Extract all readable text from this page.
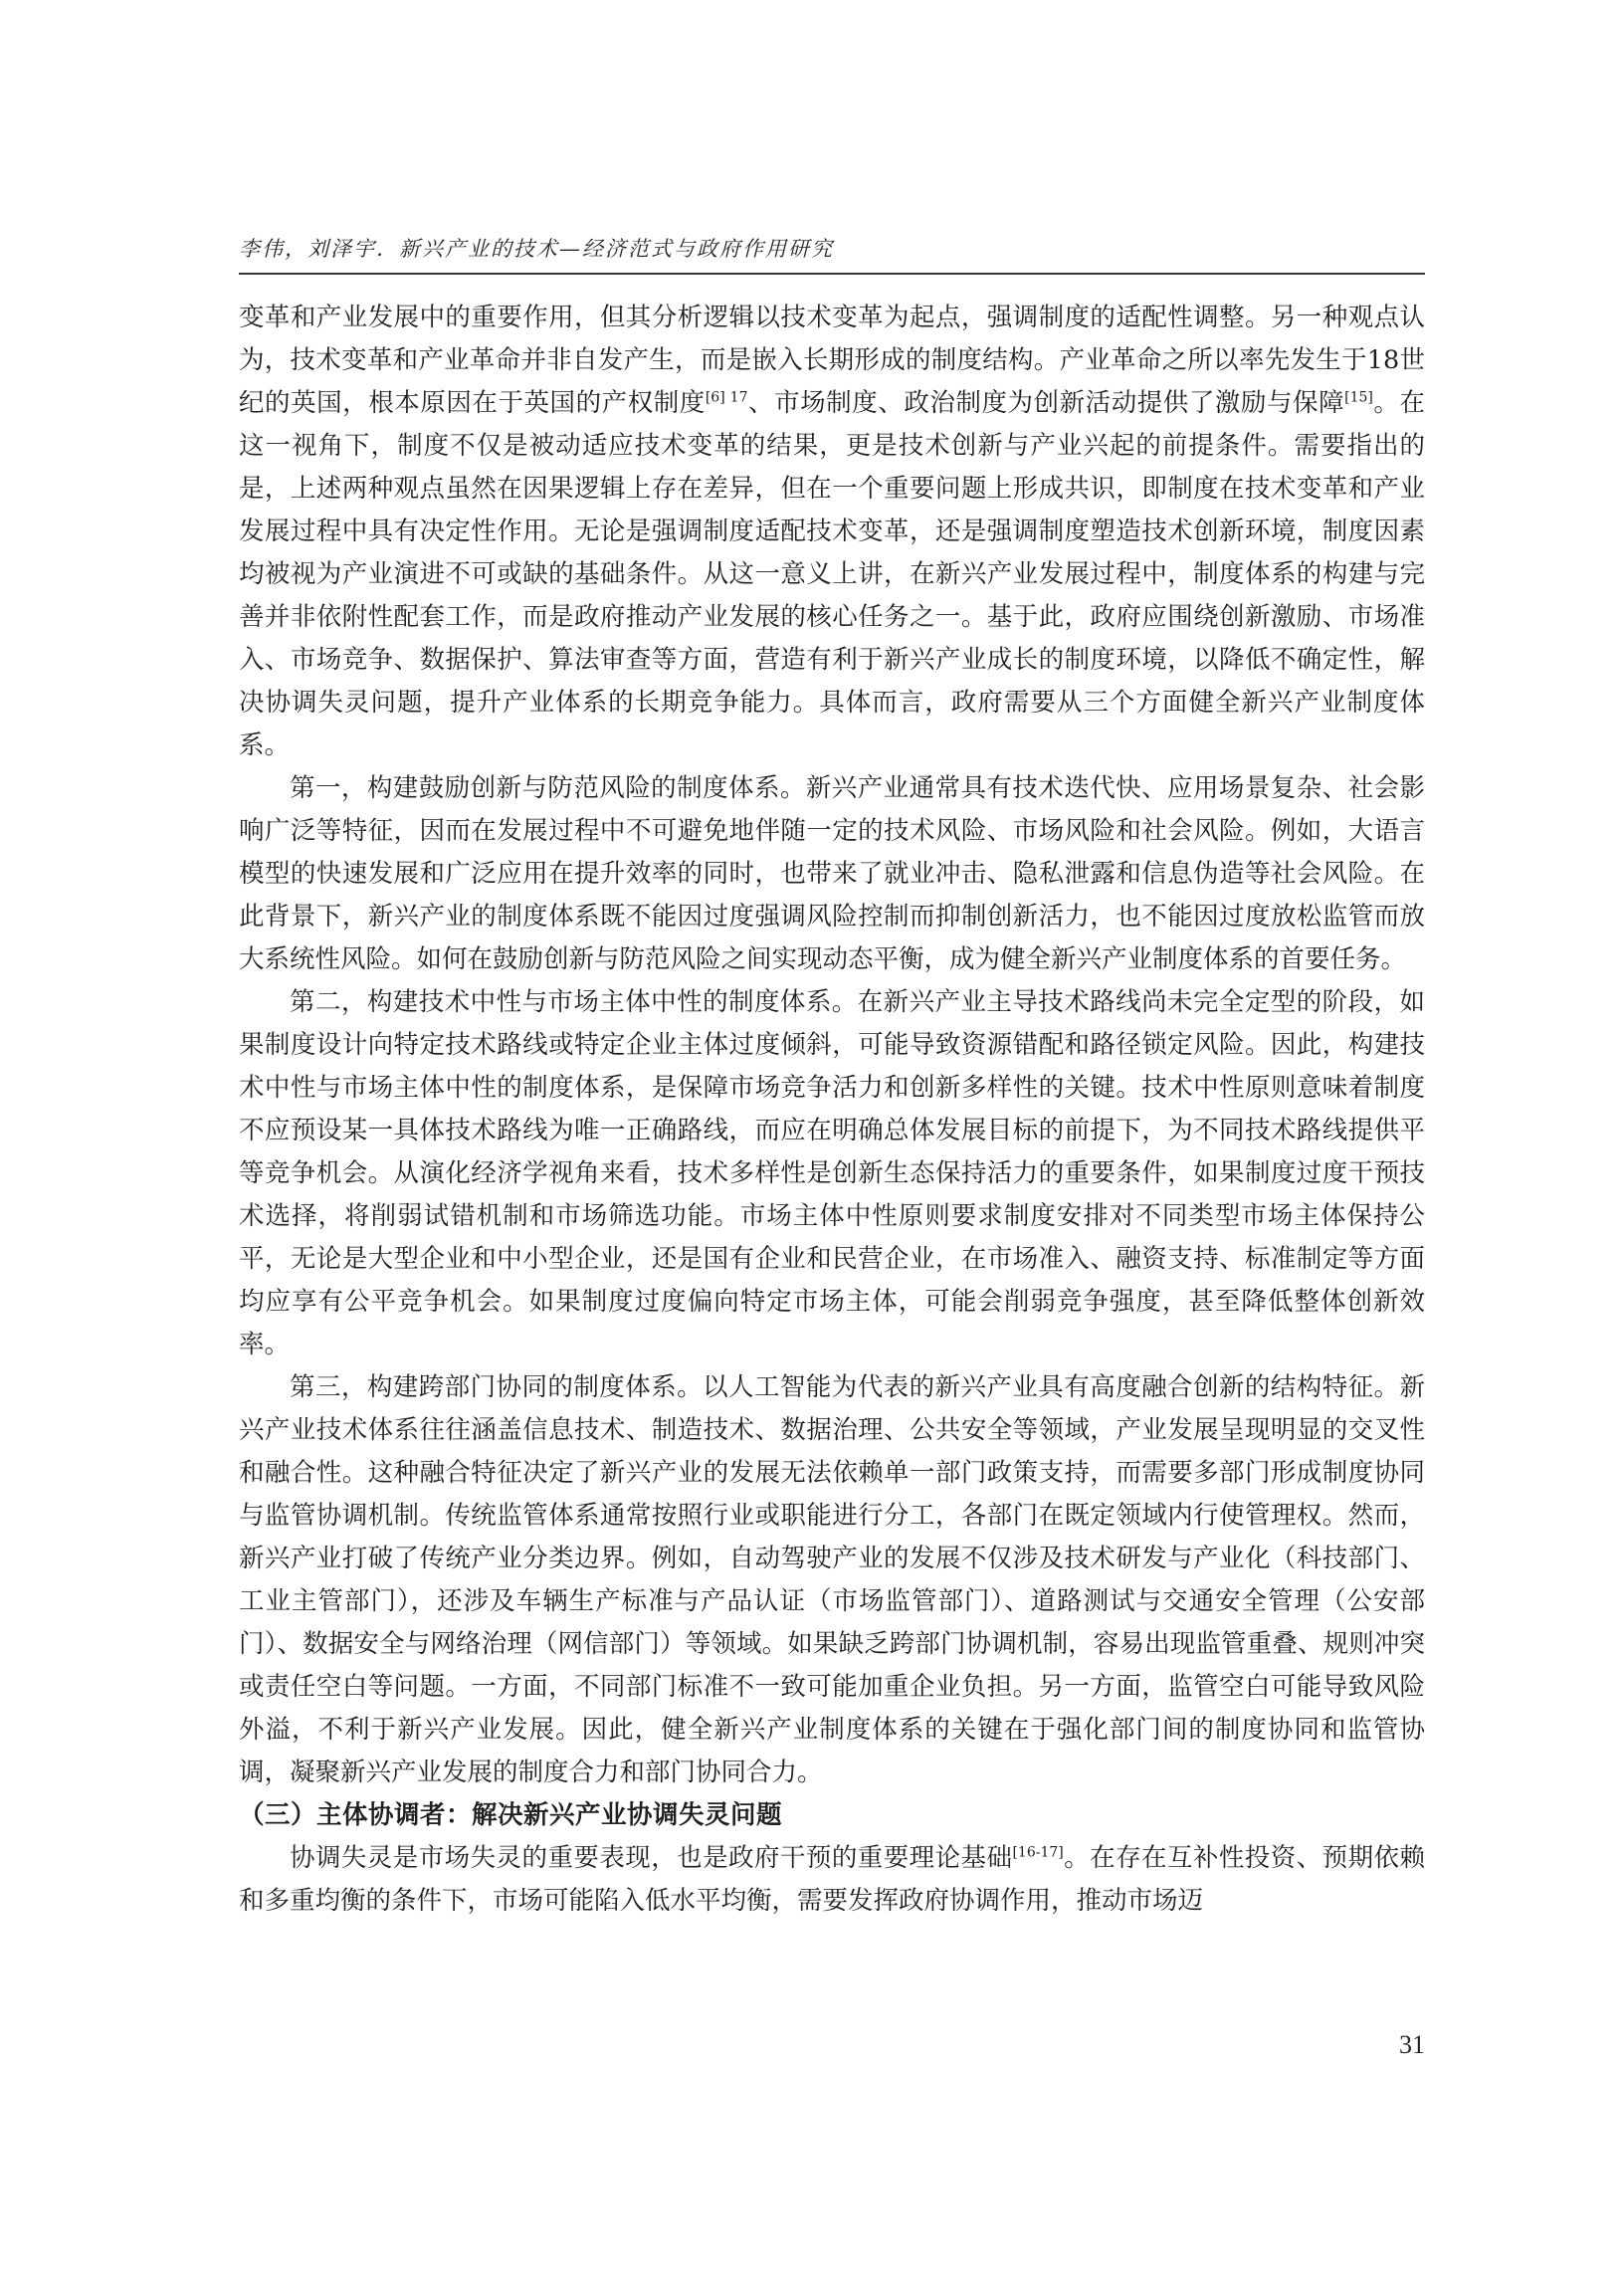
李伟，刘泽宇．新兴产业的技术—经济范式与政府作用研究

变革和产业发展中的重要作用，但其分析逻辑以技术变革为起点，强调制度的适配性调整。另一种观点认为，技术变革和产业革命并非自发产生，而是嵌入长期形成的制度结构。产业革命之所以率先发生于18世纪的英国，根本原因在于英国的产权制度$^{[6] 17}$、市场制度、政治制度为创新活动提供了激励与保障[15]。在这一视角下，制度不仅是被动适应技术变革的结果，更是技术创新与产业兴起的前提条件。需要指出的是，上述两种观点虽然在因果逻辑上存在差异，但在一个重要问题上形成共识，即制度在技术变革和产业发展过程中具有决定性作用。无论是强调制度适配技术变革，还是强调制度塑造技术创新环境，制度因素均被视为产业演进不可或缺的基础条件。从这一意义上讲，在新兴产业发展过程中，制度体系的构建与完善并非依附性配套工作，而是政府推动产业发展的核心任务之一。基于此，政府应围绕创新激励、市场准入、市场竞争、数据保护、算法审查等方面，营造有利于新兴产业成长的制度环境，以降低不确定性，解决协调失灵问题，提升产业体系的长期竞争能力。具体而言，政府需要从三个方面健全新兴产业制度体系。

第一，构建鼓励创新与防范风险的制度体系。新兴产业通常具有技术迭代快、应用场景复杂、社会影响广泛等特征，因而在发展过程中不可避免地伴随一定的技术风险、市场风险和社会风险。例如，大语言模型的快速发展和广泛应用在提升效率的同时，也带来了就业冲击、隐私泄露和信息伪造等社会风险。在此背景下，新兴产业的制度体系既不能因过度强调风险控制而抑制创新活力，也不能因过度放松监管而放大系统性风险。如何在鼓励创新与防范风险之间实现动态平衡，成为健全新兴产业制度体系的首要任务。

第二，构建技术中性与市场主体中性的制度体系。在新兴产业主导技术路线尚未完全定型的阶段，如果制度设计向特定技术路线或特定企业主体过度倾斜，可能导致资源错配和路径锁定风险。因此，构建技术中性与市场主体中性的制度体系，是保障市场竞争活力和创新多样性的关键。技术中性原则意味着制度不应预设某一具体技术路线为唯一正确路线，而应在明确总体发展目标的前提下，为不同技术路线提供平等竞争机会。从演化经济学视角来看，技术多样性是创新生态保持活力的重要条件，如果制度过度干预技术选择，将削弱试错机制和市场筛选功能。市场主体中性原则要求制度安排对不同类型市场主体保持公平，无论是大型企业和中小型企业，还是国有企业和民营企业，在市场准入、融资支持、标准制定等方面均应享有公平竞争机会。如果制度过度偏向特定市场主体，可能会削弱竞争强度，甚至降低整体创新效率。

第三，构建跨部门协同的制度体系。以人工智能为代表的新兴产业具有高度融合创新的结构特征。新兴产业技术体系往往涵盖信息技术、制造技术、数据治理、公共安全等领域，产业发展呈现明显的交叉性和融合性。这种融合特征决定了新兴产业的发展无法依赖单一部门政策支持，而需要多部门形成制度协同与监管协调机制。传统监管体系通常按照行业或职能进行分工，各部门在既定领域内行使管理权。然而，新兴产业打破了传统产业分类边界。例如，自动驾驶产业的发展不仅涉及技术研发与产业化（科技部门、工业主管部门），还涉及车辆生产标准与产品认证（市场监管部门）、道路测试与交通安全管理（公安部门）、数据安全与网络治理（网信部门）等领域。如果缺乏跨部门协调机制，容易出现监管重叠、规则冲突或责任空白等问题。一方面，不同部门标准不一致可能加重企业负担。另一方面，监管空白可能导致风险外溢，不利于新兴产业发展。因此，健全新兴产业制度体系的关键在于强化部门间的制度协同和监管协调，凝聚新兴产业发展的制度合力和部门协同合力。

（三）主体协调者：解决新兴产业协调失灵问题

协调失灵是市场失灵的重要表现，也是政府干预的重要理论基础[16-17]。在存在互补性投资、预期依赖和多重均衡的条件下，市场可能陷入低水平均衡，需要发挥政府协调作用，推动市场迈

31
